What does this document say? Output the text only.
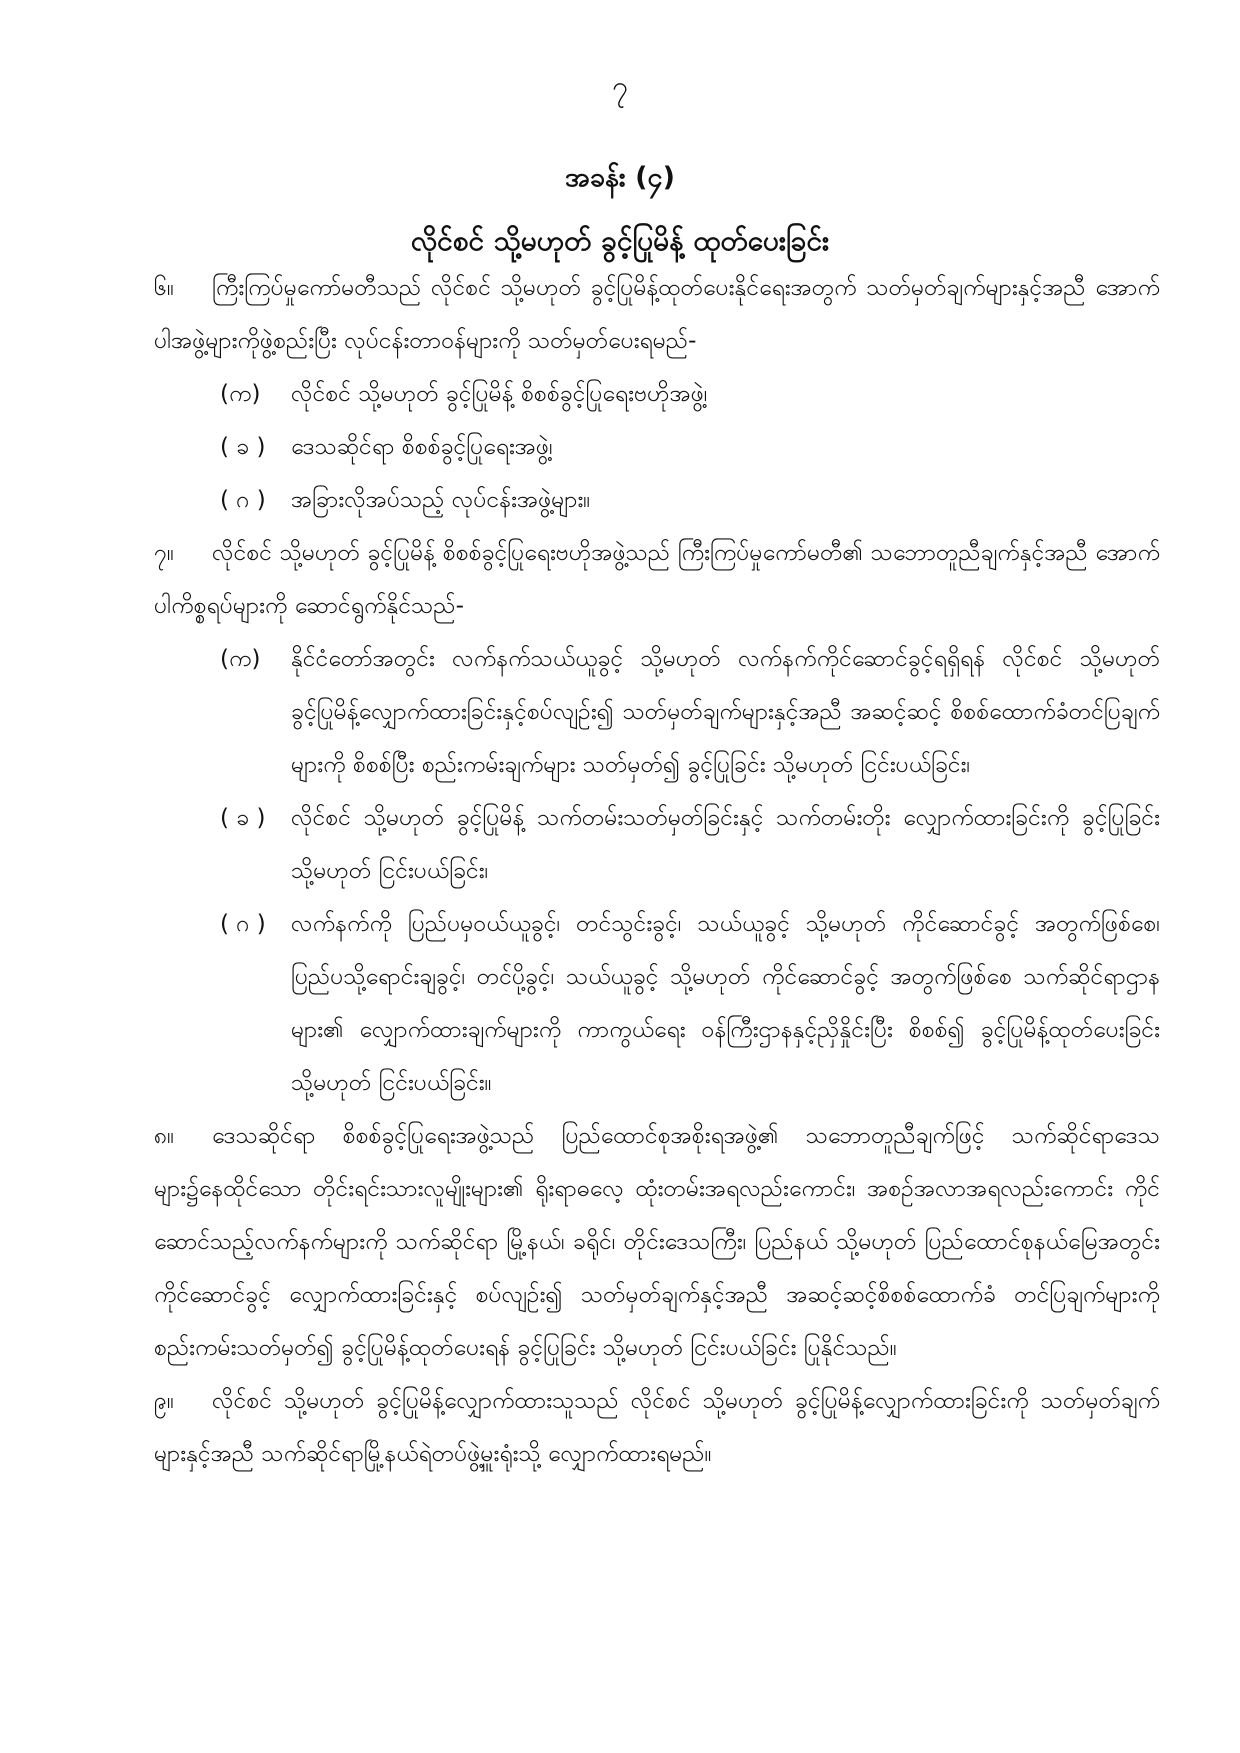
၇
အခန်း (၄)
လိုင်စင် သို့မဟုတ် ခွင့်ပြုမိန့် ထုတ်ပေးခြင်း

၆။ ကြီးကြပ်မှုကော်မတီသည် လိုင်စင် သို့မဟုတ် ခွင့်ပြုမိန့်ထုတ်ပေးနိုင်ရေးအတွက် သတ်မှတ်ချက်များနှင့်အညီ အောက်ပါအဖွဲ့များကိုဖွဲ့စည်းပြီး လုပ်ငန်းတာဝန်များကို သတ်မှတ်ပေးရမည်-

(က)	လိုင်စင် သို့မဟုတ် ခွင့်ပြုမိန့် စိစစ်ခွင့်ပြုရေးဗဟိုအဖွဲ့၊
( ခ )	ဒေသဆိုင်ရာ စိစစ်ခွင့်ပြုရေးအဖွဲ့၊
( ဂ )	အခြားလိုအပ်သည့် လုပ်ငန်းအဖွဲ့များ။

၇။ လိုင်စင် သို့မဟုတ် ခွင့်ပြုမိန့် စိစစ်ခွင့်ပြုရေးဗဟိုအဖွဲ့သည် ကြီးကြပ်မှုကော်မတီ၏ သဘောတူညီချက်နှင့်အညီ အောက်ပါကိစ္စရပ်များကို ဆောင်ရွက်နိုင်သည်-

(က)	နိုင်ငံတော်အတွင်း လက်နက်သယ်ယူခွင့် သို့မဟုတ် လက်နက်ကိုင်ဆောင်ခွင့်ရရှိရန် လိုင်စင် သို့မဟုတ် ခွင့်ပြုမိန့်လျှောက်ထားခြင်းနှင့်စပ်လျဉ်း၍ သတ်မှတ်ချက်များနှင့်အညီ အဆင့်ဆင့် စိစစ်ထောက်ခံတင်ပြချက်များကို စိစစ်ပြီး စည်းကမ်းချက်များ သတ်မှတ်၍ ခွင့်ပြုခြင်း သို့မဟုတ် ငြင်းပယ်ခြင်း၊
( ခ )	လိုင်စင် သို့မဟုတ် ခွင့်ပြုမိန့် သက်တမ်းသတ်မှတ်ခြင်းနှင့် သက်တမ်းတိုး လျှောက်ထားခြင်းကို ခွင့်ပြုခြင်း သို့မဟုတ် ငြင်းပယ်ခြင်း၊
( ဂ )	လက်နက်ကို ပြည်ပမှဝယ်ယူခွင့်၊ တင်သွင်းခွင့်၊ သယ်ယူခွင့် သို့မဟုတ် ကိုင်ဆောင်ခွင့် အတွက်ဖြစ်စေ၊ ပြည်ပသို့ရောင်းချခွင့်၊ တင်ပို့ခွင့်၊ သယ်ယူခွင့် သို့မဟုတ် ကိုင်ဆောင်ခွင့် အတွက်ဖြစ်စေ သက်ဆိုင်ရာဌာနများ၏ လျှောက်ထားချက်များကို ကာကွယ်ရေး ဝန်ကြီးဌာနနှင့်ညှိနှိုင်းပြီး စိစစ်၍ ခွင့်ပြုမိန့်ထုတ်ပေးခြင်း သို့မဟုတ် ငြင်းပယ်ခြင်း။

၈။ ဒေသဆိုင်ရာ စိစစ်ခွင့်ပြုရေးအဖွဲ့သည် ပြည်ထောင်စုအစိုးရအဖွဲ့၏ သဘောတူညီချက်ဖြင့် သက်ဆိုင်ရာဒေသများ၌နေထိုင်သော တိုင်းရင်းသားလူမျိုးများ၏ ရိုးရာဓလေ့ ထုံးတမ်းအရလည်းကောင်း၊ အစဉ်အလာအရလည်းကောင်း ကိုင်ဆောင်သည့်လက်နက်များကို သက်ဆိုင်ရာ မြို့နယ်၊ ခရိုင်၊ တိုင်းဒေသကြီး၊ ပြည်နယ် သို့မဟုတ် ပြည်ထောင်စုနယ်မြေအတွင်း ကိုင်ဆောင်ခွင့် လျှောက်ထားခြင်းနှင့် စပ်လျဉ်း၍ သတ်မှတ်ချက်နှင့်အညီ အဆင့်ဆင့်စိစစ်ထောက်ခံ တင်ပြချက်များကို စည်းကမ်းသတ်မှတ်၍ ခွင့်ပြုမိန့်ထုတ်ပေးရန် ခွင့်ပြုခြင်း သို့မဟုတ် ငြင်းပယ်ခြင်း ပြုနိုင်သည်။

၉။ လိုင်စင် သို့မဟုတ် ခွင့်ပြုမိန့်လျှောက်ထားသူသည် လိုင်စင် သို့မဟုတ် ခွင့်ပြုမိန့်လျှောက်ထားခြင်းကို သတ်မှတ်ချက်များနှင့်အညီ သက်ဆိုင်ရာမြို့နယ်ရဲတပ်ဖွဲ့မှူးရုံးသို့ လျှောက်ထားရမည်။
